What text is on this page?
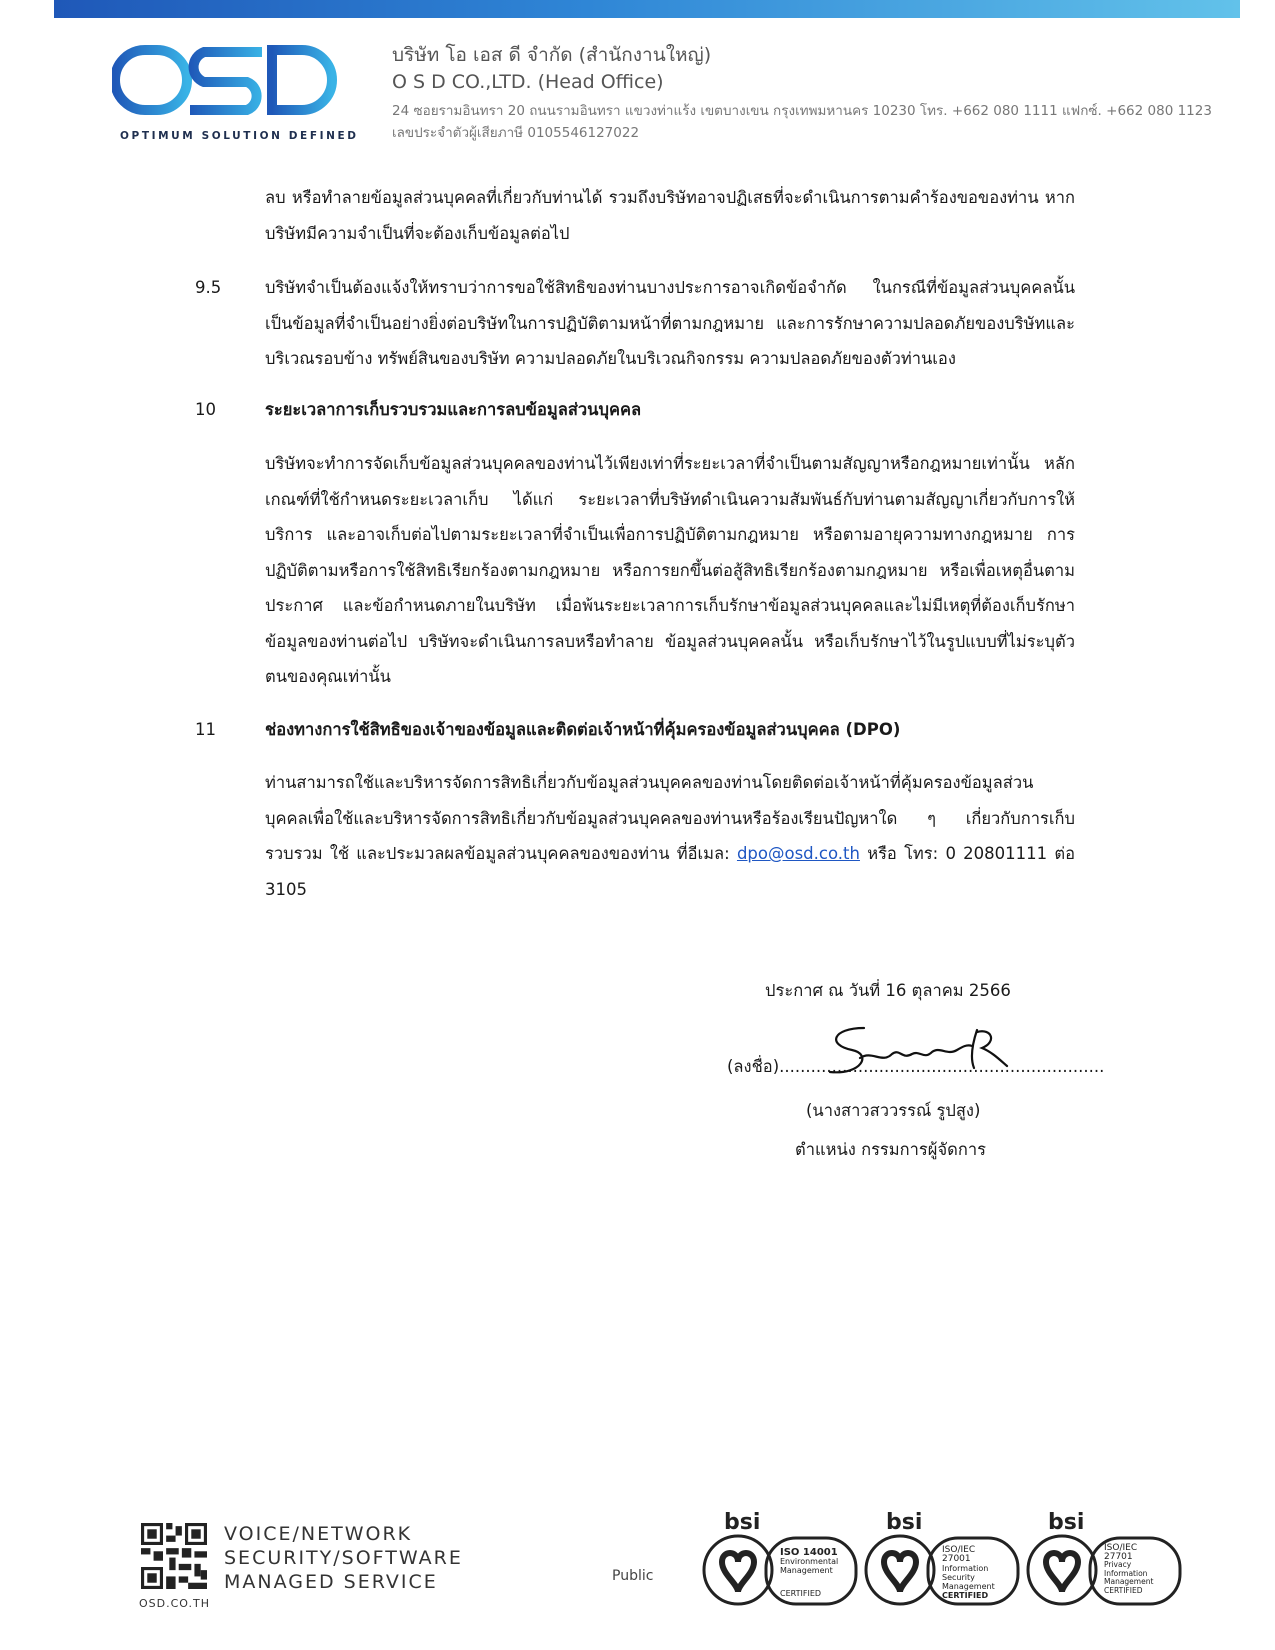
OPTIMUM SOLUTION DEFINED
บริษัท โอ เอส ดี จำกัด (สำนักงานใหญ่)
O S D CO.,LTD. (Head Office)
24 ซอยรามอินทรา 20 ถนนรามอินทรา แขวงท่าแร้ง เขตบางเขน กรุงเทพมหานคร 10230 โทร. +662 080 1111 แฟกซ์. +662 080 1123
เลขประจำตัวผู้เสียภาษี 0105546127022
ลบ หรือทำลายข้อมูลส่วนบุคคลที่เกี่ยวกับท่านได้ รวมถึงบริษัทอาจปฏิเสธที่จะดำเนินการตามคำร้องขอของท่าน หากบริษัทมีความจำเป็นที่จะต้องเก็บข้อมูลต่อไป
9.5	บริษัทจำเป็นต้องแจ้งให้ทราบว่าการขอใช้สิทธิของท่านบางประการอาจเกิดข้อจำกัด ในกรณีที่ข้อมูลส่วนบุคคลนั้นเป็นข้อมูลที่จำเป็นอย่างยิ่งต่อบริษัทในการปฏิบัติตามหน้าที่ตามกฎหมาย และการรักษาความปลอดภัยของบริษัทและบริเวณรอบข้าง ทรัพย์สินของบริษัท ความปลอดภัยในบริเวณกิจกรรม ความปลอดภัยของตัวท่านเอง
10	ระยะเวลาการเก็บรวบรวมและการลบข้อมูลส่วนบุคคล
บริษัทจะทำการจัดเก็บข้อมูลส่วนบุคคลของท่านไว้เพียงเท่าที่ระยะเวลาที่จำเป็นตามสัญญาหรือกฎหมายเท่านั้น หลักเกณฑ์ที่ใช้กำหนดระยะเวลาเก็บ ได้แก่ ระยะเวลาที่บริษัทดำเนินความสัมพันธ์กับท่านตามสัญญาเกี่ยวกับการให้บริการ และอาจเก็บต่อไปตามระยะเวลาที่จำเป็นเพื่อการปฏิบัติตามกฎหมาย หรือตามอายุความทางกฎหมาย การปฏิบัติตามหรือการใช้สิทธิเรียกร้องตามกฎหมาย หรือการยกขึ้นต่อสู้สิทธิเรียกร้องตามกฎหมาย หรือเพื่อเหตุอื่นตามประกาศ และข้อกำหนดภายในบริษัท เมื่อพ้นระยะเวลาการเก็บรักษาข้อมูลส่วนบุคคลและไม่มีเหตุที่ต้องเก็บรักษาข้อมูลของท่านต่อไป บริษัทจะดำเนินการลบหรือทำลาย ข้อมูลส่วนบุคคลนั้น หรือเก็บรักษาไว้ในรูปแบบที่ไม่ระบุตัวตนของคุณเท่านั้น
11	ช่องทางการใช้สิทธิของเจ้าของข้อมูลและติดต่อเจ้าหน้าที่คุ้มครองข้อมูลส่วนบุคคล (DPO)
ท่านสามารถใช้และบริหารจัดการสิทธิเกี่ยวกับข้อมูลส่วนบุคคลของท่านโดยติดต่อเจ้าหน้าที่คุ้มครองข้อมูลส่วนบุคคลเพื่อใช้และบริหารจัดการสิทธิเกี่ยวกับข้อมูลส่วนบุคคลของท่านหรือร้องเรียนปัญหาใด ๆ เกี่ยวกับการเก็บรวบรวม ใช้ และประมวลผลข้อมูลส่วนบุคคลของของท่าน ที่อีเมล: dpo@osd.co.th หรือ โทร: 0 20801111 ต่อ 3105
ประกาศ ณ วันที่ 16 ตุลาคม 2566
(ลงชื่อ)..............................................................
(นางสาวสววรรณ์ รูปสูง)
ตำแหน่ง กรรมการผู้จัดการ
OSD.CO.TH
VOICE/NETWORK
SECURITY/SOFTWARE
MANAGED SERVICE	Public
bsi
ISO 14001
Environmental
Management
CERTIFIED
bsi
ISO/IEC
27001
Information Security
Management
CERTIFIED
bsi
ISO/IEC
27701
Privacy
Information
Management
CERTIFIED
